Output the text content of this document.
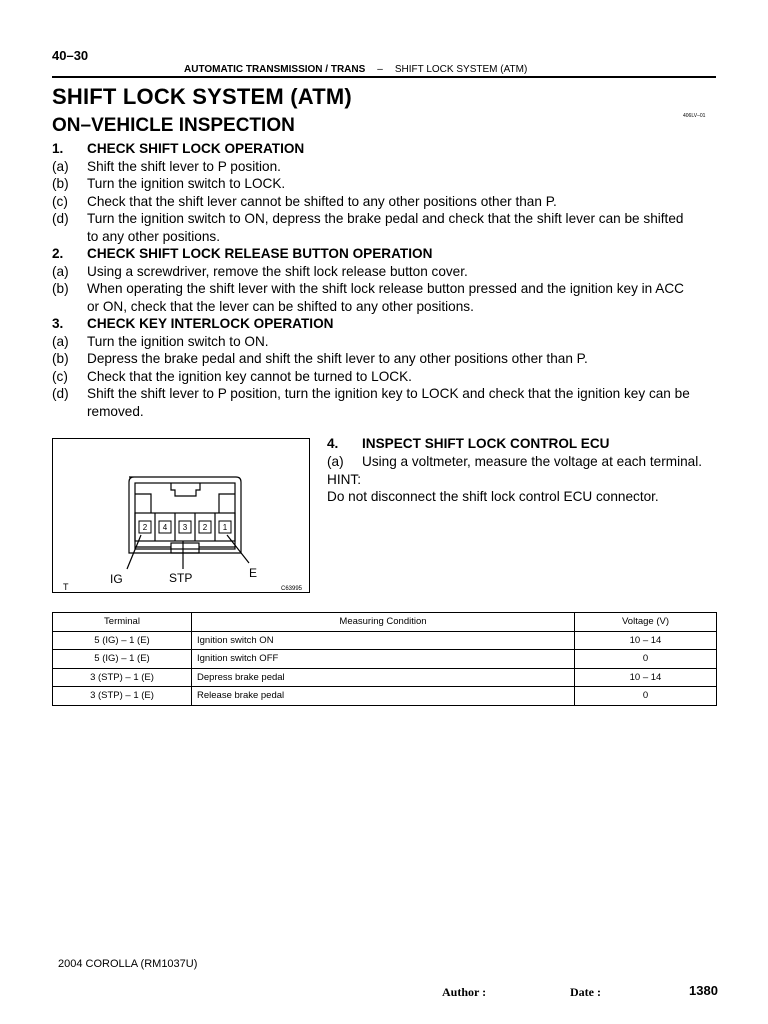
40–30
AUTOMATIC TRANSMISSION / TRANS – SHIFT LOCK SYSTEM (ATM)
SHIFT LOCK SYSTEM (ATM)
ON–VEHICLE INSPECTION	406LV–01
1. CHECK SHIFT LOCK OPERATION
(a) Shift the shift lever to P position.
(b) Turn the ignition switch to LOCK.
(c) Check that the shift lever cannot be shifted to any other positions other than P.
(d) Turn the ignition switch to ON, depress the brake pedal and check that the shift lever can be shifted
to any other positions.
2. CHECK SHIFT LOCK RELEASE BUTTON OPERATION
(a) Using a screwdriver, remove the shift lock release button cover.
(b) When operating the shift lever with the shift lock release button pressed and the ignition key in ACC
or ON, check that the lever can be shifted to any other positions.
3. CHECK KEY INTERLOCK OPERATION
(a) Turn the ignition switch to ON.
(b) Depress the brake pedal and shift the shift lever to any other positions other than P.
(c) Check that the ignition key cannot be turned to LOCK.
(d) Shift the shift lever to P position, turn the ignition key to LOCK and check that the ignition key can be
removed.
2 4 3 2 1
IG	STP	E
T	C63995
4. INSPECT SHIFT LOCK CONTROL ECU
(a) Using a voltmeter, measure the voltage at each terminal.
HINT:
Do not disconnect the shift lock control ECU connector.
Terminal	Measuring Condition	Voltage (V)
5 (IG) – 1 (E)	Ignition switch ON	10 – 14
5 (IG) – 1 (E)	Ignition switch OFF	0
3 (STP) – 1 (E)	Depress brake pedal	10 – 14
3 (STP) – 1 (E)	Release brake pedal	0
2004 COROLLA (RM1037U)
Author :	Date :	1380
